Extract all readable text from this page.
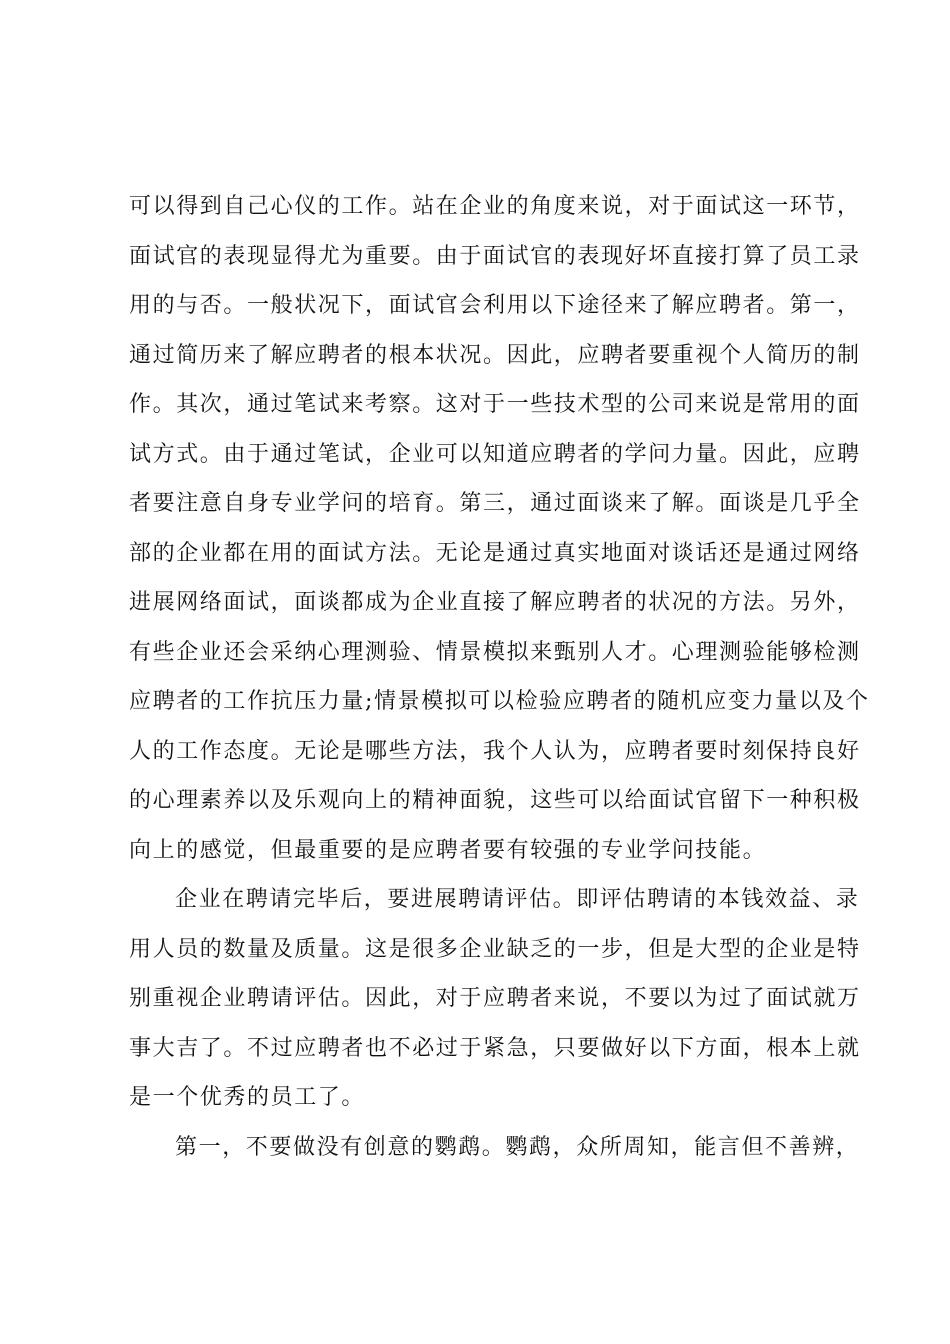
可以得到自己心仪的工作。站在企业的角度来说，对于面试这一环节，
面试官的表现显得尤为重要。由于面试官的表现好坏直接打算了员工录
用的与否。一般状况下，面试官会利用以下途径来了解应聘者。第一，
通过简历来了解应聘者的根本状况。因此，应聘者要重视个人简历的制
作。其次，通过笔试来考察。这对于一些技术型的公司来说是常用的面
试方式。由于通过笔试，企业可以知道应聘者的学问力量。因此，应聘
者要注意自身专业学问的培育。第三，通过面谈来了解。面谈是几乎全
部的企业都在用的面试方法。无论是通过真实地面对谈话还是通过网络
进展网络面试，面谈都成为企业直接了解应聘者的状况的方法。另外，
有些企业还会采纳心理测验、情景模拟来甄别人才。心理测验能够检测
应聘者的工作抗压力量;情景模拟可以检验应聘者的随机应变力量以及个
人的工作态度。无论是哪些方法，我个人认为，应聘者要时刻保持良好
的心理素养以及乐观向上的精神面貌，这些可以给面试官留下一种积极
向上的感觉，但最重要的是应聘者要有较强的专业学问技能。
企业在聘请完毕后，要进展聘请评估。即评估聘请的本钱效益、录
用人员的数量及质量。这是很多企业缺乏的一步，但是大型的企业是特
别重视企业聘请评估。因此，对于应聘者来说，不要以为过了面试就万
事大吉了。不过应聘者也不必过于紧急，只要做好以下方面，根本上就
是一个优秀的员工了。
第一，不要做没有创意的鹦鹉。鹦鹉，众所周知，能言但不善辨，
